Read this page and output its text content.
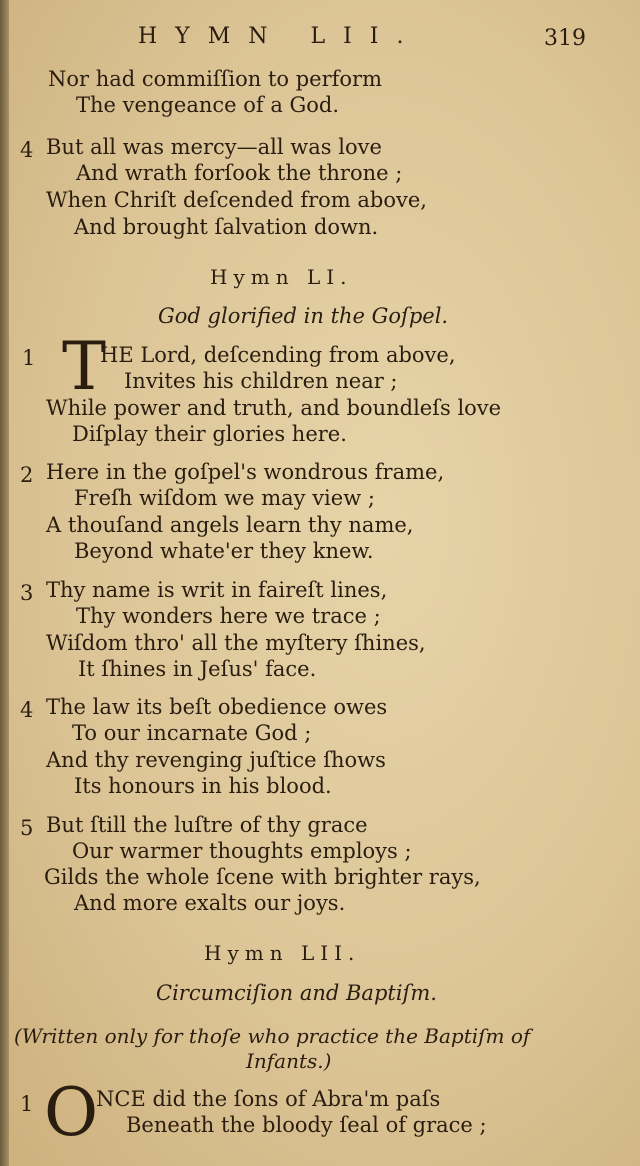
HYMN LII.	319
Nor had commiſſion to perform
The vengeance of a God.
4 But all was mercy—all was love
And wrath forſook the throne ;
When Chriſt deſcended from above,
And brought ſalvation down.
Hymn LI.
God glorified in the Goſpel.
1 T
HE Lord, deſcending from above,
Invites his children near ;
While power and truth, and boundleſs love
Diſplay their glories here.
2 Here in the goſpel's wondrous frame,
Freſh wiſdom we may view ;
A thouſand angels learn thy name,
Beyond whate'er they knew.
3 Thy name is writ in faireſt lines,
Thy wonders here we trace ;
Wiſdom thro' all the myſtery ſhines,
It ſhines in Jeſus' face.
4 The law its beſt obedience owes
To our incarnate God ;
And thy revenging juſtice ſhows
Its honours in his blood.
5 But ſtill the luſtre of thy grace
Our warmer thoughts employs ;
Gilds the whole ſcene with brighter rays,
And more exalts our joys.
Hymn LII.
Circumciſion and Baptiſm.
(Written only for thoſe who practice the Baptiſm of
Infants.)
1 O
NCE did the ſons of Abra'm paſs
Beneath the bloody ſeal of grace ;
